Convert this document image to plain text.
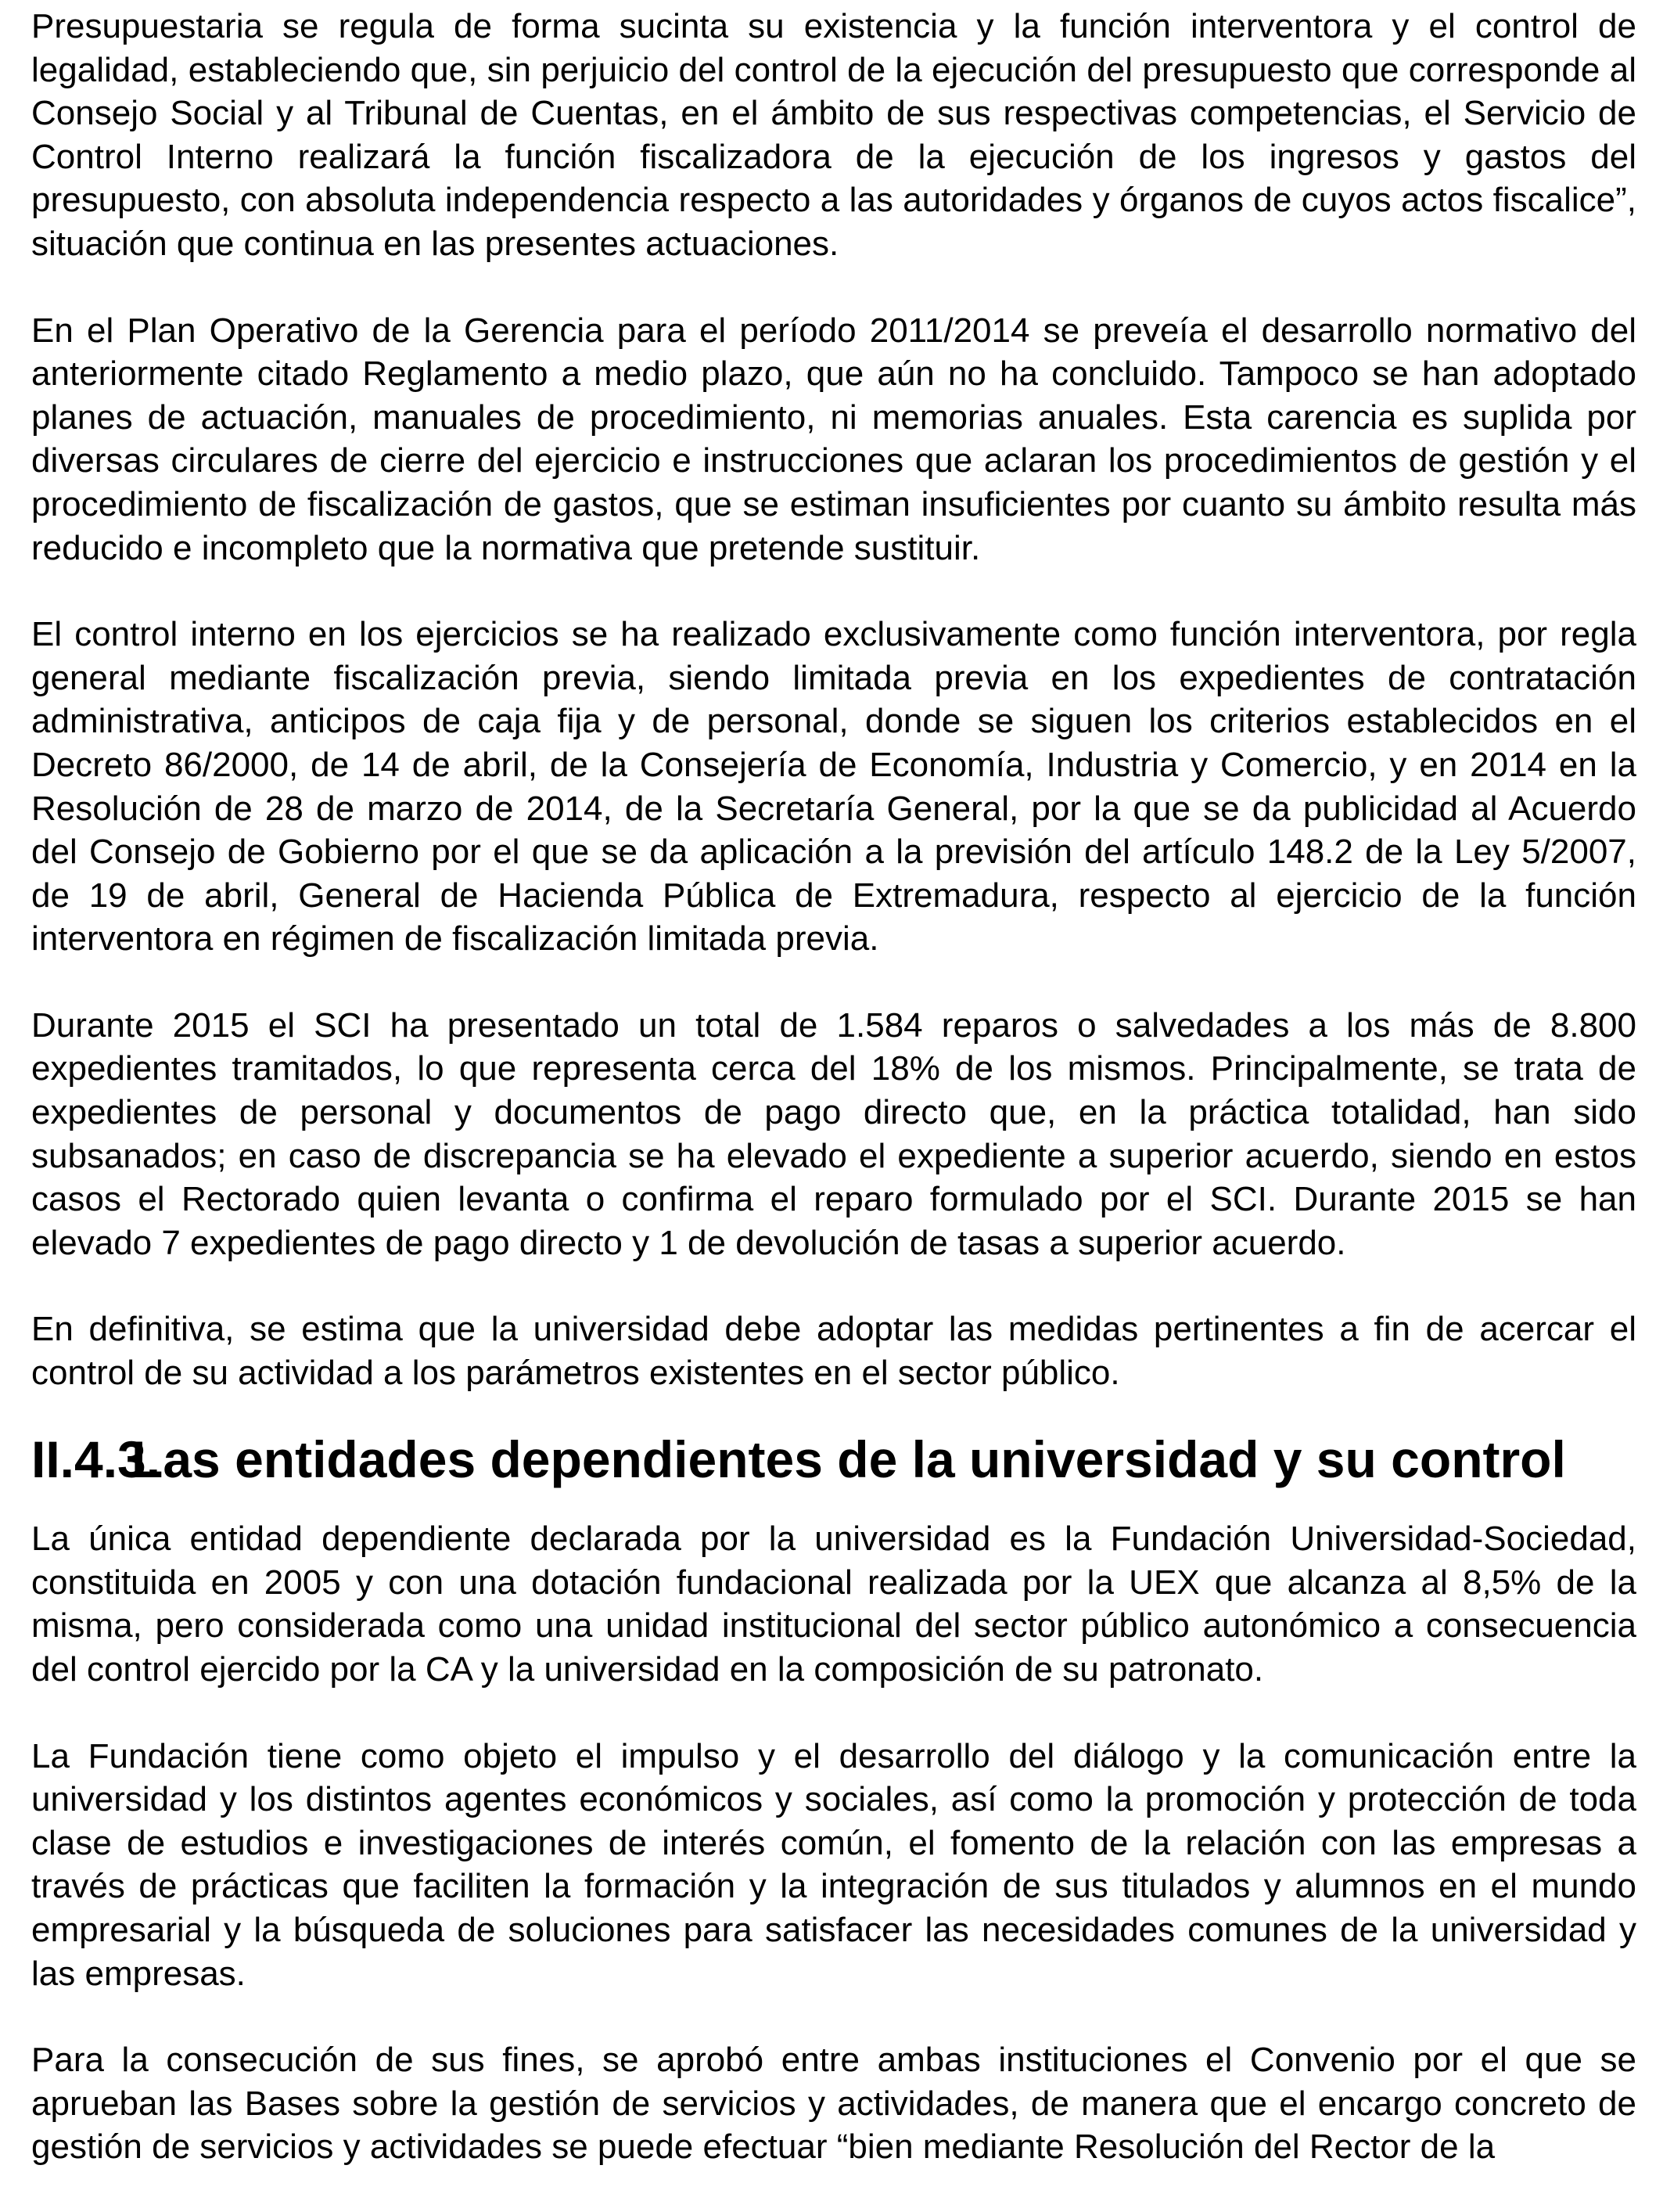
Presupuestaria se regula de forma sucinta su existencia y la función interventora y el control de legalidad, estableciendo que, sin perjuicio del control de la ejecución del presupuesto que corresponde al Consejo Social y al Tribunal de Cuentas, en el ámbito de sus respectivas competencias, el Servicio de Control Interno realizará la función fiscalizadora de la ejecución de los ingresos y gastos del presupuesto, con absoluta independencia respecto a las autoridades y órganos de cuyos actos fiscalice”, situación que continua en las presentes actuaciones.

En el Plan Operativo de la Gerencia para el período 2011/2014 se preveía el desarrollo normativo del anteriormente citado Reglamento a medio plazo, que aún no ha concluido. Tampoco se han adoptado planes de actuación, manuales de procedimiento, ni memorias anuales. Esta carencia es suplida por diversas circulares de cierre del ejercicio e instrucciones que aclaran los procedimientos de gestión y el procedimiento de fiscalización de gastos, que se estiman insuficientes por cuanto su ámbito resulta más reducido e incompleto que la normativa que pretende sustituir.

El control interno en los ejercicios se ha realizado exclusivamente como función interventora, por regla general mediante fiscalización previa, siendo limitada previa en los expedientes de contratación administrativa, anticipos de caja fija y de personal, donde se siguen los criterios establecidos en el Decreto 86/2000, de 14 de abril, de la Consejería de Economía, Industria y Comercio, y en 2014 en la Resolución de 28 de marzo de 2014, de la Secretaría General, por la que se da publicidad al Acuerdo del Consejo de Gobierno por el que se da aplicación a la previsión del artículo 148.2 de la Ley 5/2007, de 19 de abril, General de Hacienda Pública de Extremadura, respecto al ejercicio de la función interventora en régimen de fiscalización limitada previa.

Durante 2015 el SCI ha presentado un total de 1.584 reparos o salvedades a los más de 8.800 expedientes tramitados, lo que representa cerca del 18% de los mismos. Principalmente, se trata de expedientes de personal y documentos de pago directo que, en la práctica totalidad, han sido subsanados; en caso de discrepancia se ha elevado el expediente a superior acuerdo, siendo en estos casos el Rectorado quien levanta o confirma el reparo formulado por el SCI. Durante 2015 se han elevado 7 expedientes de pago directo y 1 de devolución de tasas a superior acuerdo.

En definitiva, se estima que la universidad debe adoptar las medidas pertinentes a fin de acercar el control de su actividad a los parámetros existentes en el sector público.

II.4.3.
Las entidades dependientes de la universidad y su control

La única entidad dependiente declarada por la universidad es la Fundación Universidad-Sociedad, constituida en 2005 y con una dotación fundacional realizada por la UEX que alcanza al 8,5% de la misma, pero considerada como una unidad institucional del sector público autonómico a consecuencia del control ejercido por la CA y la universidad en la composición de su patronato.

La Fundación tiene como objeto el impulso y el desarrollo del diálogo y la comunicación entre la universidad y los distintos agentes económicos y sociales, así como la promoción y protección de toda clase de estudios e investigaciones de interés común, el fomento de la relación con las empresas a través de prácticas que faciliten la formación y la integración de sus titulados y alumnos en el mundo empresarial y la búsqueda de soluciones para satisfacer las necesidades comunes de la universidad y las empresas.

Para la consecución de sus fines, se aprobó entre ambas instituciones el Convenio por el que se aprueban las Bases sobre la gestión de servicios y actividades, de manera que el encargo concreto de gestión de servicios y actividades se puede efectuar “bien mediante Resolución del Rector de la
